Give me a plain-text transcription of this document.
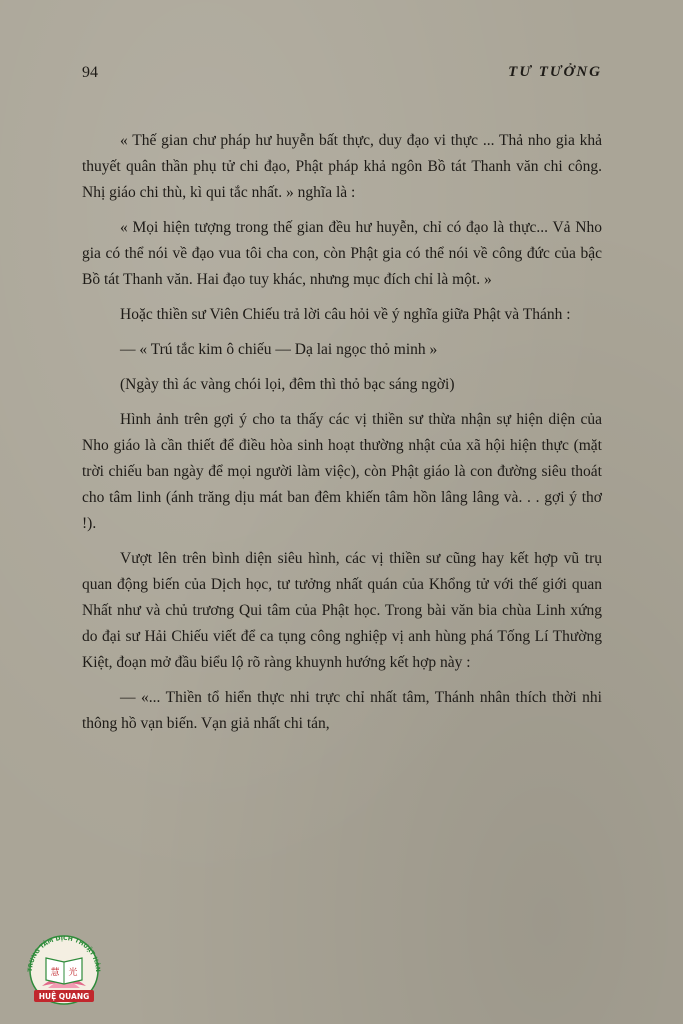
94	TƯ TƯỞNG

« Thế gian chư pháp hư huyễn bất thực, duy đạo vi thực ... Thả nho gia khả thuyết quân thần phụ tử chi đạo, Phật pháp khả ngôn Bồ tát Thanh văn chi công. Nhị giáo chi thù, kì qui tắc nhất. » nghĩa là :

« Mọi hiện tượng trong thế gian đều hư huyễn, chỉ có đạo là thực... Vả Nho gia có thể nói về đạo vua tôi cha con, còn Phật gia có thể nói về công đức của bậc Bồ tát Thanh văn. Hai đạo tuy khác, nhưng mục đích chỉ là một. »

Hoặc thiền sư Viên Chiếu trả lời câu hỏi về ý nghĩa giữa Phật và Thánh :

— « Trú tắc kim ô chiếu — Dạ lai ngọc thỏ minh »

(Ngày thì ác vàng chói lọi, đêm thì thỏ bạc sáng ngời)

Hình ảnh trên gợi ý cho ta thấy các vị thiền sư thừa nhận sự hiện diện của Nho giáo là cần thiết để điều hòa sinh hoạt thường nhật của xã hội hiện thực (mặt trời chiếu ban ngày để mọi người làm việc), còn Phật giáo là con đường siêu thoát cho tâm linh (ánh trăng dịu mát ban đêm khiến tâm hồn lâng lâng và. . . gợi ý thơ !).

Vượt lên trên bình diện siêu hình, các vị thiền sư cũng hay kết hợp vũ trụ quan động biến của Dịch học, tư tưởng nhất quán của Khổng tử với thế giới quan Nhất như và chủ trương Qui tâm của Phật học. Trong bài văn bia chùa Linh xứng do đại sư Hải Chiếu viết để ca tụng công nghiệp vị anh hùng phá Tống Lí Thường Kiệt, đoạn mở đầu biểu lộ rõ ràng khuynh hướng kết hợp này :

— «... Thiền tổ hiển thực nhi trực chỉ nhất tâm, Thánh nhân thích thời nhi thông hồ vạn biến. Vạn giả nhất chi tán,

TRUNG TÂM DỊCH THUẬT HÁN
慧 光
HUỆ QUANG
